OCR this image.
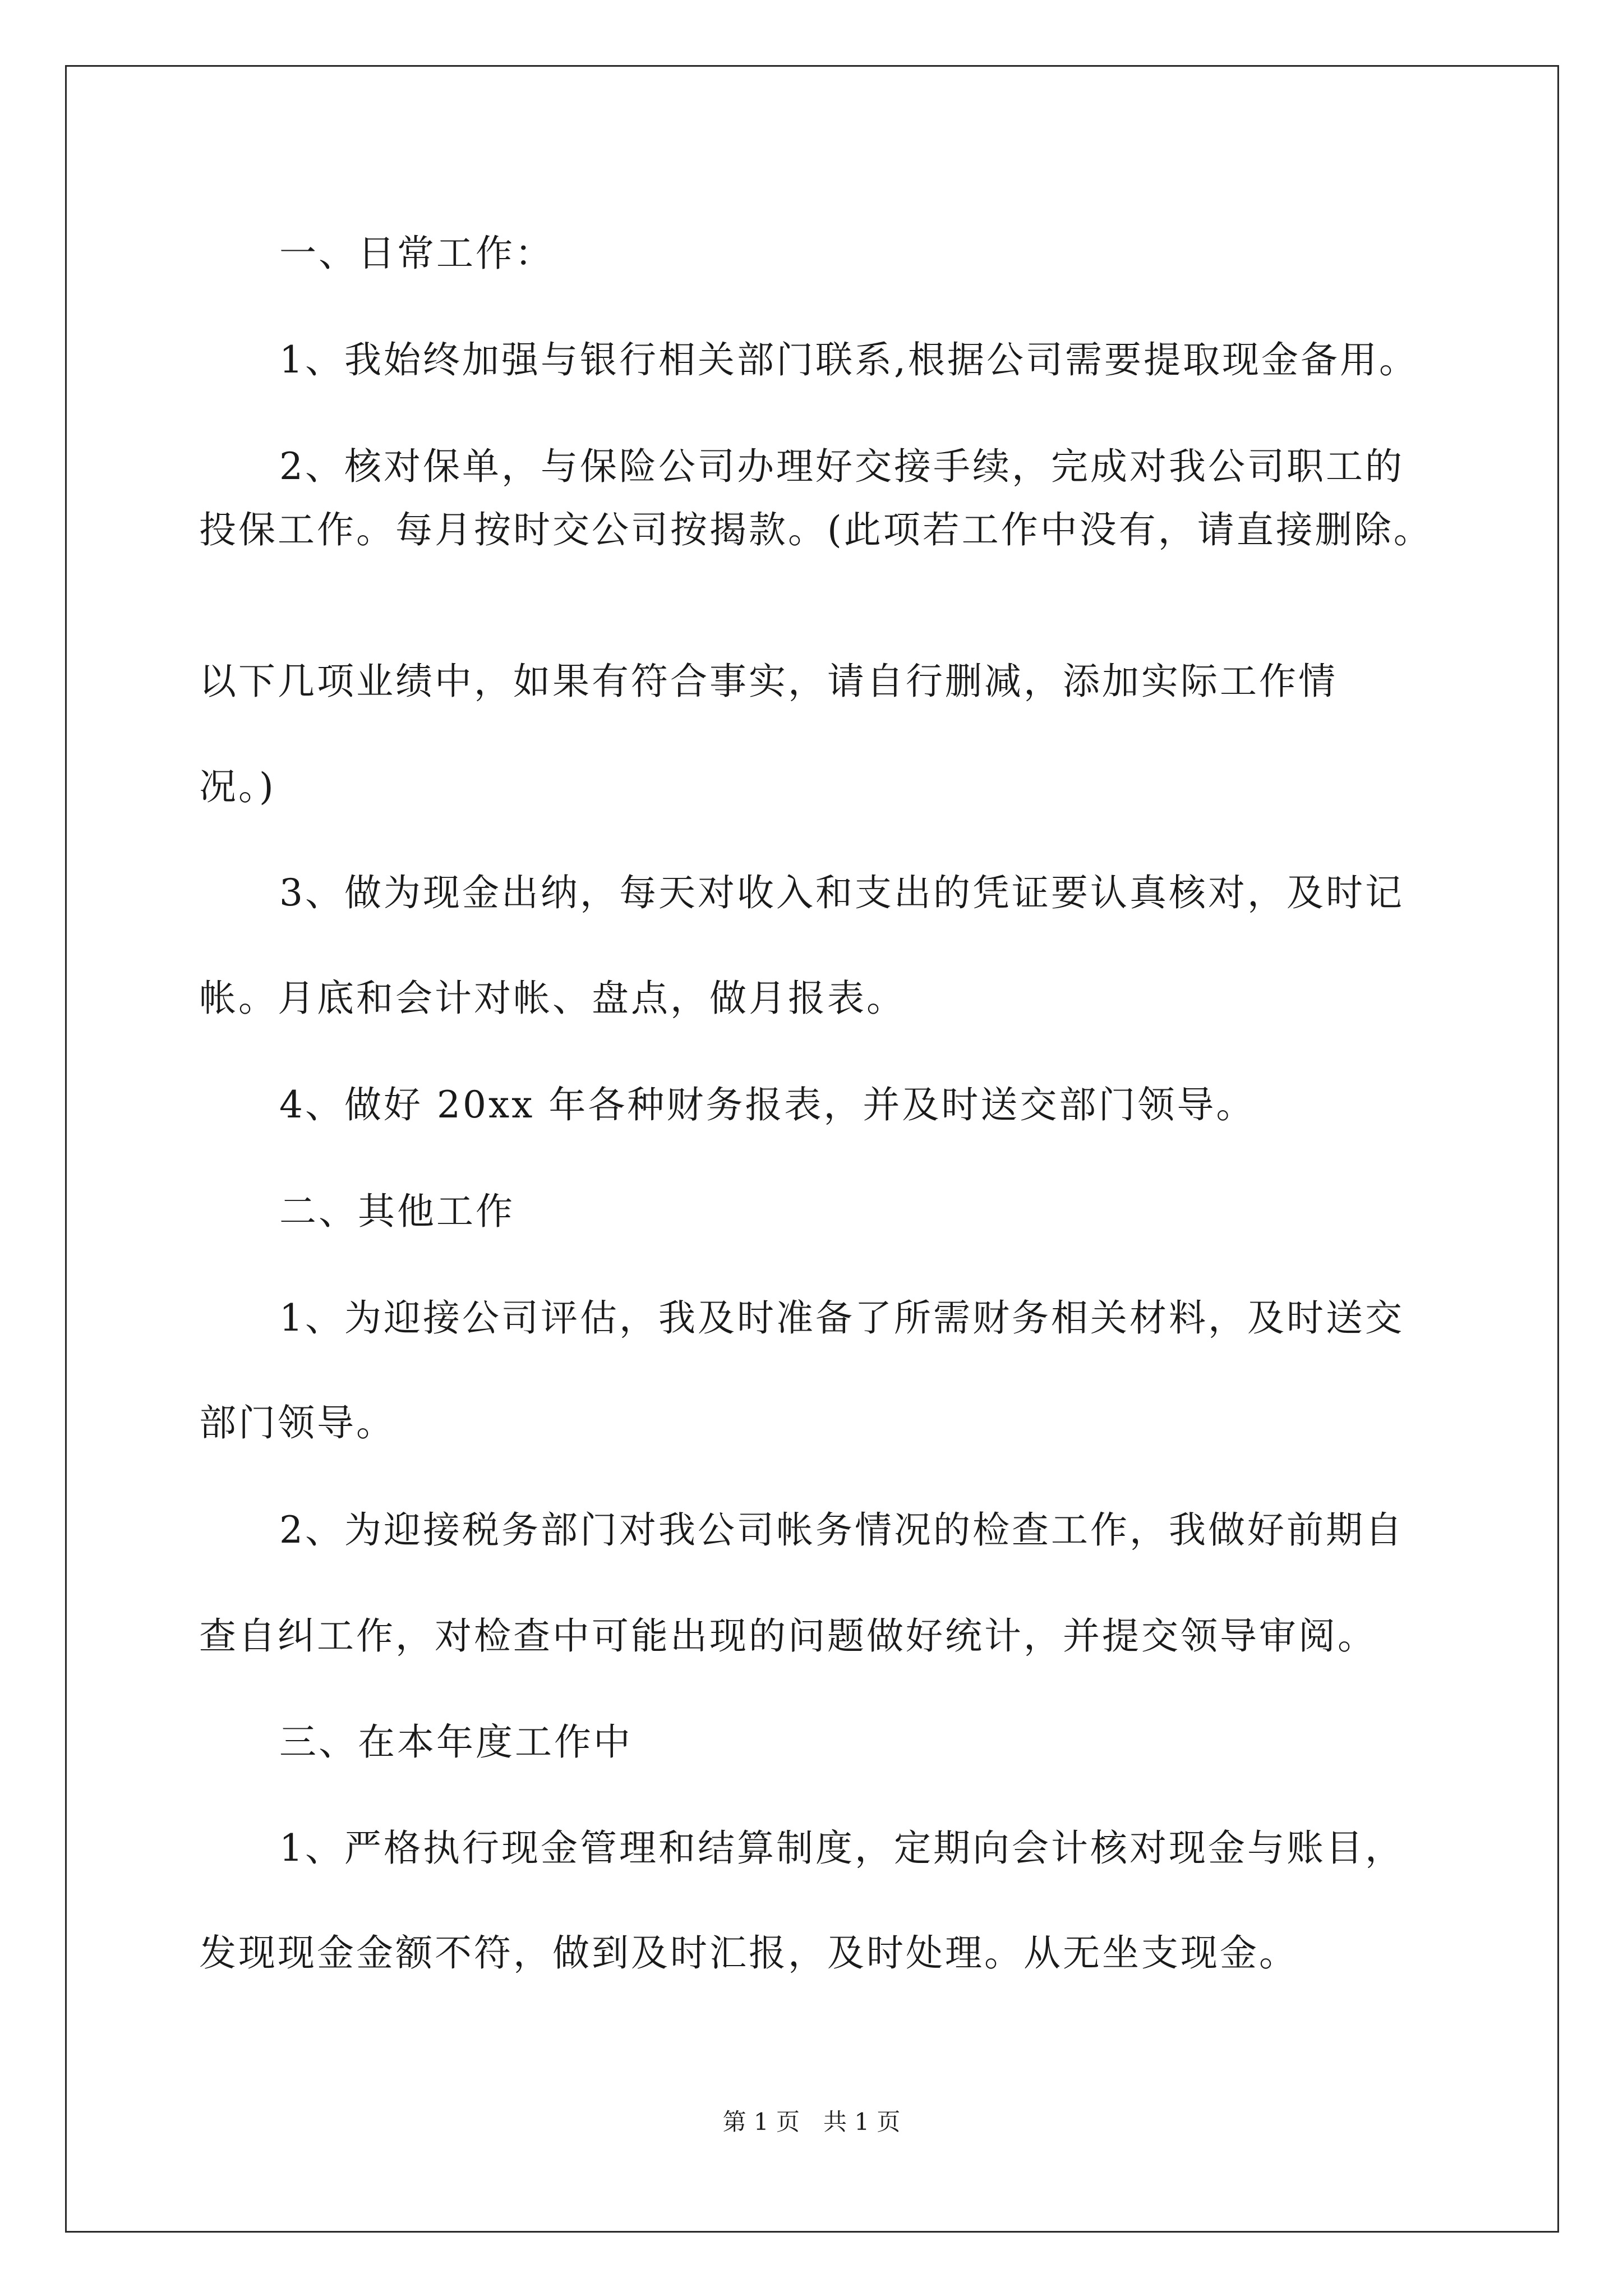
一、日常工作：
1、我始终加强与银行相关部门联系,根据公司需要提取现金备用。
2、核对保单，与保险公司办理好交接手续，完成对我公司职工的
投保工作。每月按时交公司按揭款。(此项若工作中没有，请直接删除。
以下几项业绩中，如果有符合事实，请自行删减，添加实际工作情
况。)
3、做为现金出纳，每天对收入和支出的凭证要认真核对，及时记
帐。月底和会计对帐、盘点，做月报表。
4、做好 20xx 年各种财务报表，并及时送交部门领导。
二、其他工作
1、为迎接公司评估，我及时准备了所需财务相关材料，及时送交
部门领导。
2、为迎接税务部门对我公司帐务情况的检查工作，我做好前期自
查自纠工作，对检查中可能出现的问题做好统计，并提交领导审阅。
三、在本年度工作中
1、严格执行现金管理和结算制度，定期向会计核对现金与账目，
发现现金金额不符，做到及时汇报，及时处理。从无坐支现金。
第 1 页　共 1 页
